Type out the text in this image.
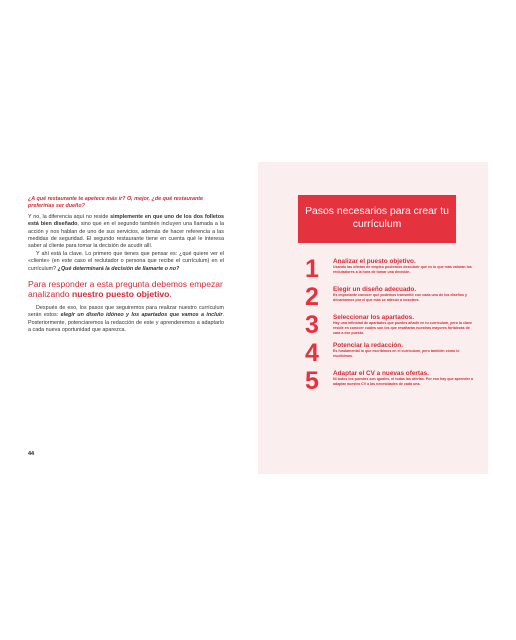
¿A qué restaurante te apetece más ir? O, mejor, ¿de qué restaurante preferirías ser dueño?

Y no, la diferencia aquí no reside simplemente en que uno de los dos folletos está bien diseñado, sino que en el segundo también incluyen una llamada a la acción y nos hablan de uno de sus servicios, además de hacer referencia a las medidas de seguridad. El segundo restaurante tiene en cuenta qué le interesa saber al cliente para tomar la decisión de acudir allí.

Y ahí está la clave. Lo primero que tienes que pensar es: ¿qué quiere ver el «cliente» (en este caso el reclutador o persona que recibe el currículum) en el currículum? ¿Qué determinará la decisión de llamarte o no?

Para responder a esta pregunta debemos empezar analizando nuestro puesto objetivo.

Después de eso, los pasos que seguiremos para realizar nuestro currículum serán estos: elegir un diseño idóneo y los apartados que vamos a incluir. Posteriormente, potenciaremos la redacción de este y aprenderemos a adaptarlo a cada nueva oportunidad que aparezca.

44
Pasos necesarios para crear tu currículum
1	Analizar el puesto objetivo.
Usando las ofertas de empleo podremos descubrir qué es lo que más valoran los reclutadores a la hora de tomar una decisión.
2	Elegir un diseño adecuado.
Es importante conocer qué podemos transmitir con cada uno de los diseños y decantarnos por el que más se adecúe a nosotros.
3	Seleccionar los apartados.
Hay una infinidad de apartados que puedes añadir en tu currículum, pero la clave reside en conocer cuáles son los que resaltarán nuestras mayores fortalezas de cara a ese puesto.
4	Potenciar la redacción.
Es fundamental lo que escribimos en el currículum, pero también cómo lo escribimos.
5	Adaptar el CV a nuevas ofertas.
Ni todos los puestos son iguales, ni todas las ofertas. Por eso hay que aprender a adaptar nuestro CV a las necesidades de cada una.
